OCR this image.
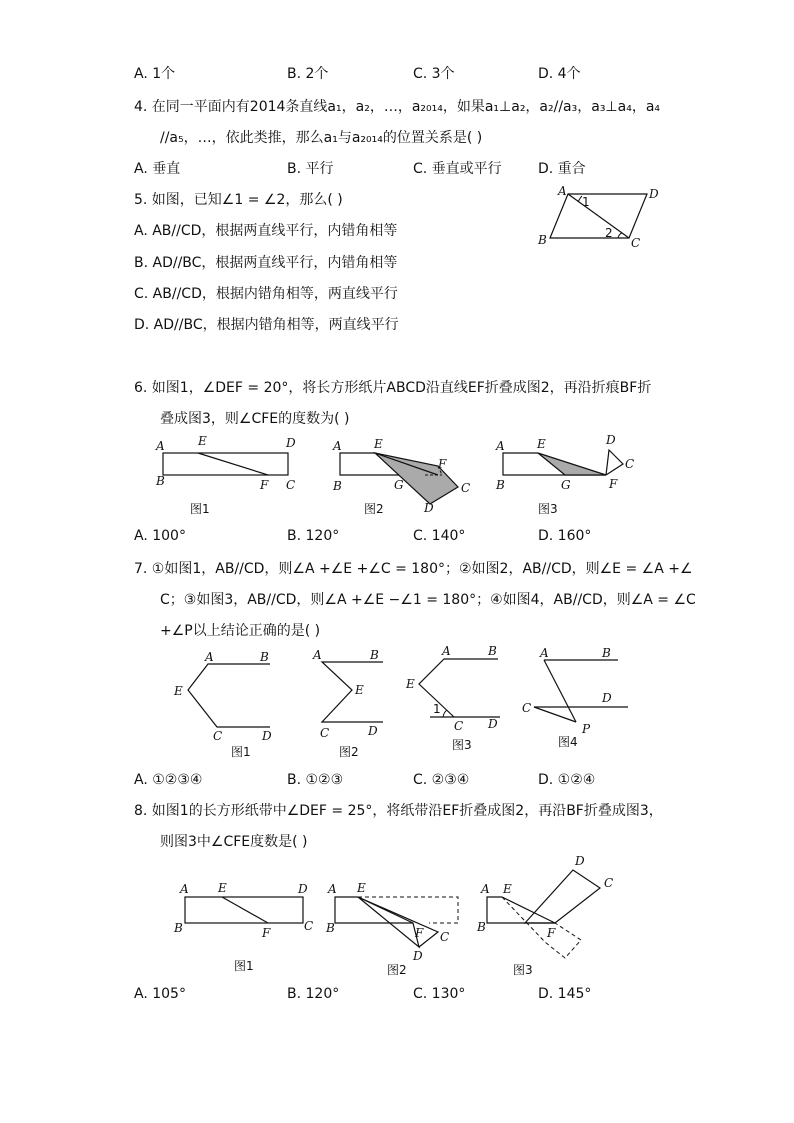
A. 1个	B. 2个	C. 3个	D. 4个
4. 在同一平面内有2014条直线a₁，a₂，…，a₂₀₁₄，如果a₁⊥a₂，a₂//a₃，a₃⊥a₄，a₄
//a₅，…，依此类推，那么a₁与a₂₀₁₄的位置关系是( )
A. 垂直	B. 平行	C. 垂直或平行	D. 重合
5. 如图，已知∠1 = ∠2，那么( )
A. AB//CD，根据两直线平行，内错角相等
B. AD//BC，根据两直线平行，内错角相等
C. AB//CD，根据内错角相等，两直线平行
D. AD//BC，根据内错角相等，两直线平行
A	D
B	C
1
2
6. 如图1，∠DEF = 20°，将长方形纸片ABCD沿直线EF折叠成图2，再沿折痕BF折
叠成图3，则∠CFE的度数为( )
A	E	D
B	F C
图1
A	E
F
B	G	C
D
图2
A	E	D
C
B	G	F
图3
A. 100°	B. 120°	C. 140°	D. 160°
7. ①如图1，AB//CD，则∠A +∠E +∠C = 180°；②如图2，AB//CD，则∠E = ∠A +∠
C；③如图3，AB//CD，则∠A +∠E −∠1 = 180°；④如图4，AB//CD，则∠A = ∠C
+∠P以上结论正确的是( )
A	B
E
C	D
图1
A	B
E
C	D
图2
A	B
E
1
C D
图3
A	B
D
C
P
图4
A. ①②③④	B. ①②③	C. ②③④	D. ①②④
8. 如图1的长方形纸带中∠DEF = 25°，将纸带沿EF折叠成图2，再沿BF折叠成图3，
则图3中∠CFE度数是( )
A E	D
B	F	C
图1
A E
B	F C
D
图2
A E
D
C
B	F
图3
A. 105°	B. 120°	C. 130°	D. 145°
